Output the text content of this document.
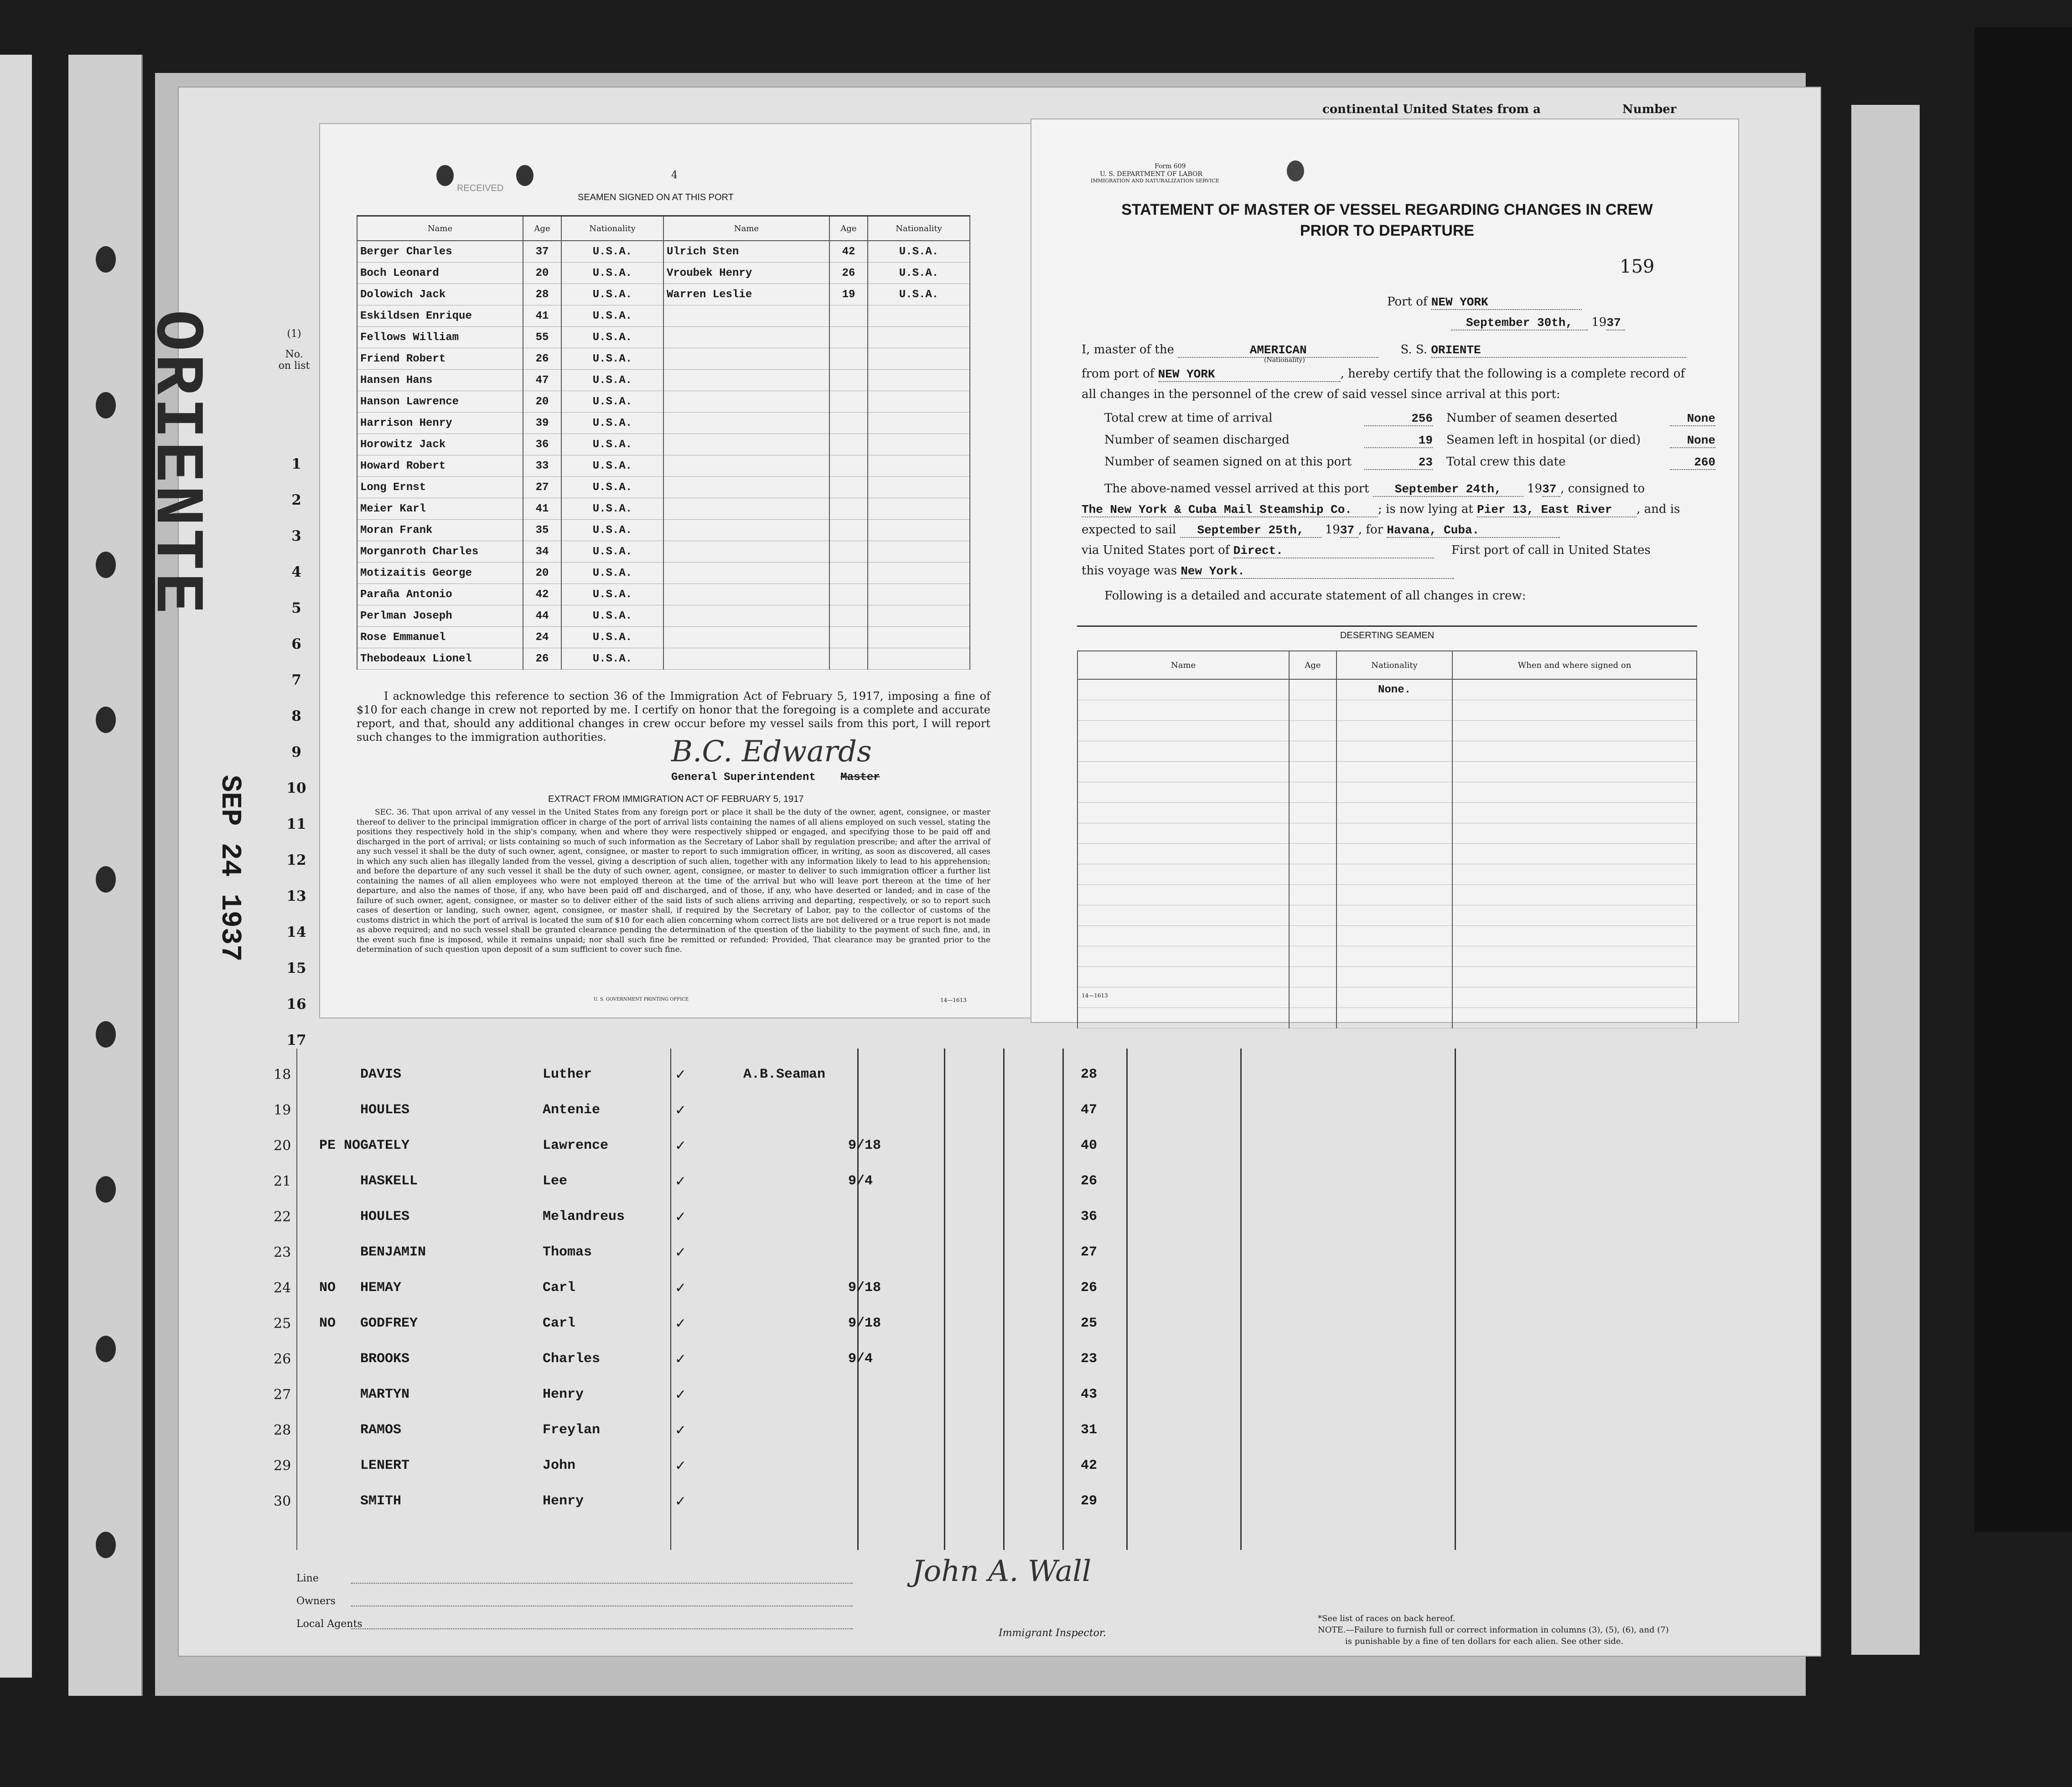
continental United States from a	Number
ORIENTE
SEP 24 1937
(1)
No. on list
1
2
3
4
5
6
7
8
9
10
11
12
13
14
15
16
17
18	DAVIS	Luther	✓	A.B.Seaman	28
19	HOULES	Antenie	✓	47
20 PE NO GATELY	Lawrence	✓	9/18	40
21	HASKELL	Lee	✓	9/4	26
22	HOULES	Melandreus	✓	36
23	BENJAMIN	Thomas	✓	27
24 NO HEMAY	Carl	✓	9/18	26
25 NO GODFREY	Carl	✓	9/18	25
26	BROOKS	Charles	✓	9/4	23
27	MARTYN	Henry	✓	43
28	RAMOS	Freylan	✓	31
29	LENERT	John	✓	42
30	SMITH	Henry	✓	29
4
RECEIVED
SEAMEN SIGNED ON AT THIS PORT
Name	Age	Nationality	Name	Age	Nationality
Berger Charles	37	U.S.A.	Ulrich Sten	42	U.S.A.
Boch Leonard	20	U.S.A.	Vroubek Henry	26	U.S.A.
Dolowich Jack	28	U.S.A.	Warren Leslie	19	U.S.A.
Eskildsen Enrique	41	U.S.A.			
Fellows William	55	U.S.A.			
Friend Robert	26	U.S.A.			
Hansen Hans	47	U.S.A.			
Hanson Lawrence	20	U.S.A.			
Harrison Henry	39	U.S.A.			
Horowitz Jack	36	U.S.A.			
Howard Robert	33	U.S.A.			
Long Ernst	27	U.S.A.			
Meier Karl	41	U.S.A.			
Moran Frank	35	U.S.A.			
Morganroth Charles	34	U.S.A.			
Motizaitis George	20	U.S.A.			
Paraña Antonio	42	U.S.A.			
Perlman Joseph	44	U.S.A.			
Rose Emmanuel	24	U.S.A.			
Thebodeaux Lionel	26	U.S.A.			
I acknowledge this reference to section 36 of the Immigration Act of February 5, 1917, imposing a fine of $10 for each change in crew not reported by me. I certify on honor that the foregoing is a complete and accurate report, and that, should any additional changes in crew occur before my vessel sails from this port, I will report such changes to the immigration authorities.	B.C. Edwards
General Superintendent Master
EXTRACT FROM IMMIGRATION ACT OF FEBRUARY 5, 1917
SEC. 36. That upon arrival of any vessel in the United States from any foreign port or place it shall be the duty of the owner, agent, consignee, or master thereof to deliver to the principal immigration officer in charge of the port of arrival lists containing the names of all aliens employed on such vessel, stating the positions they respectively hold in the ship's company, when and where they were respectively shipped or engaged, and specifying those to be paid off and discharged in the port of arrival; or lists containing so much of such information as the Secretary of Labor shall by regulation prescribe; and after the arrival of any such vessel it shall be the duty of such owner, agent, consignee, or master to report to such immigration officer, in writing, as soon as discovered, all cases in which any such alien has illegally landed from the vessel, giving a description of such alien, together with any information likely to lead to his apprehension; and before the departure of any such vessel it shall be the duty of such owner, agent, consignee, or master to deliver to such immigration officer a further list containing the names of all alien employees who were not employed thereon at the time of the arrival but who will leave port thereon at the time of her departure, and also the names of those, if any, who have been paid off and discharged, and of those, if any, who have deserted or landed; and in case of the failure of such owner, agent, consignee, or master so to deliver either of the said lists of such aliens arriving and departing, respectively, or so to report such cases of desertion or landing, such owner, agent, consignee, or master shall, if required by the Secretary of Labor, pay to the collector of customs of the customs district in which the port of arrival is located the sum of $10 for each alien concerning whom correct lists are not delivered or a true report is not made as above required; and no such vessel shall be granted clearance pending the determination of the question of the liability to the payment of such fine, and, in the event such fine is imposed, while it remains unpaid; nor shall such fine be remitted or refunded: Provided, That clearance may be granted prior to the determination of such question upon deposit of a sum sufficient to cover such fine.
U. S. GOVERNMENT PRINTING OFFICE	14—1613
Form 609
U. S. DEPARTMENT OF LABOR
IMMIGRATION AND NATURALIZATION SERVICE
STATEMENT OF MASTER OF VESSEL REGARDING CHANGES IN CREW
PRIOR TO DEPARTURE
159
Port of NEW YORK
September 30th, 1937
I, master of the	AMERICAN	S. S. ORIENTE
(Nationality)
from port of NEW YORK	, hereby certify that the following is a complete record of
all changes in the personnel of the crew of said vessel since arrival at this port:
Total crew at time of arrival	256 Number of seamen deserted	None
Number of seamen discharged	19 Seamen left in hospital (or died)	None
Number of seamen signed on at this port	23 Total crew this date	260
The above-named vessel arrived at this port September 24th, 1937 , consigned to
The New York & Cuba Mail Steamship Co. ; is now lying at Pier 13, East River , and is
expected to sail September 25th, 1937 , for Havana, Cuba.
via United States port of Direct.	First port of call in United States
this voyage was New York.
Following is a detailed and accurate statement of all changes in crew:
DESERTING SEAMEN
Name	Age	Nationality	When and where signed on
		None.	

14—1613
Line
Owners
Local Agents
John A. Wall
Immigrant Inspector.
*See list of races on back hereof.
NOTE.—Failure to furnish full or correct information in columns (3), (5), (6), and (7)
is punishable by a fine of ten dollars for each alien. See other side.
